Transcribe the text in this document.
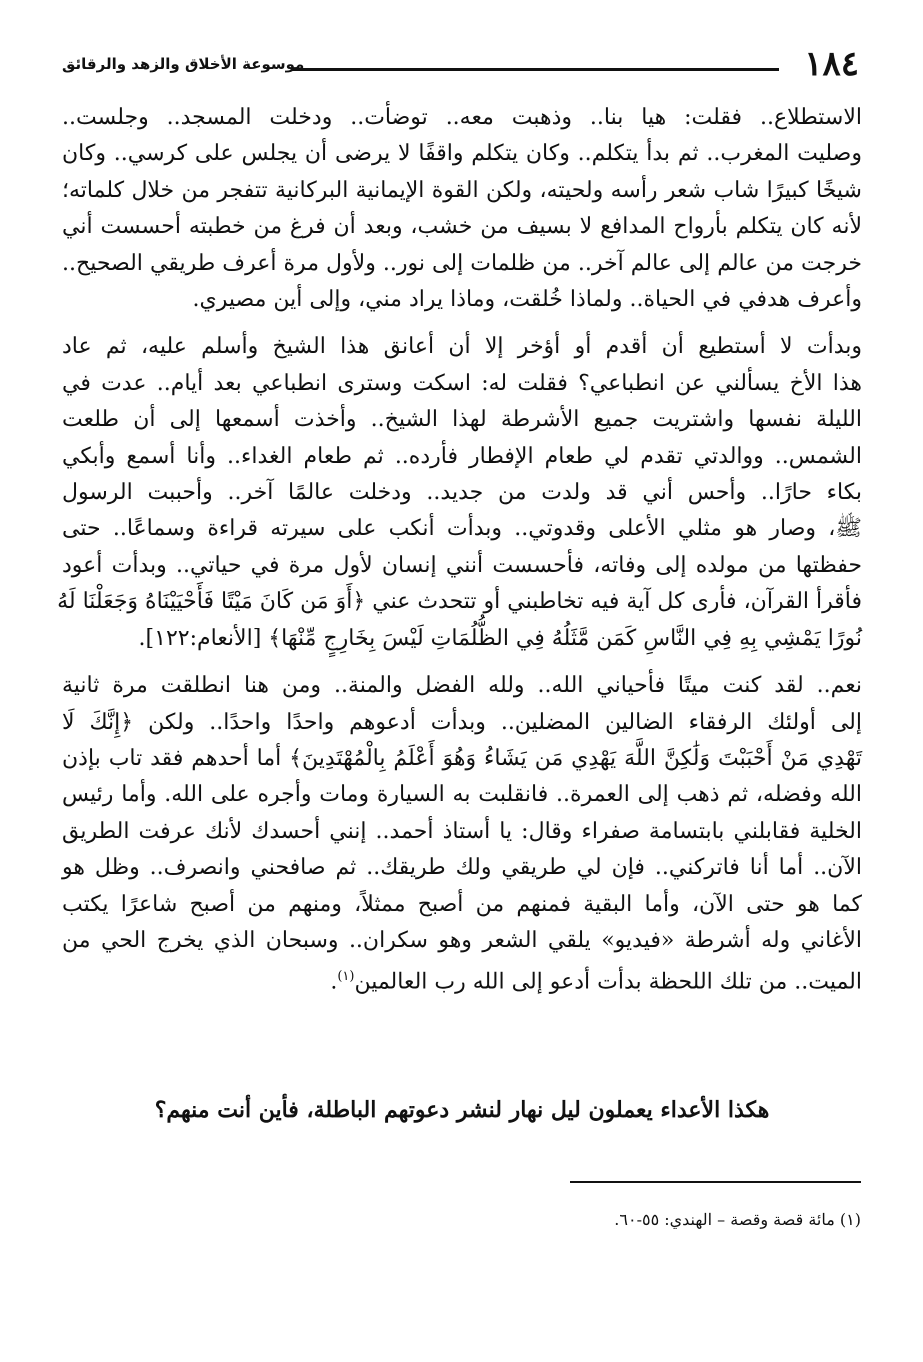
١٨٤
موسوعة الأخلاق والزهد والرقائق

الاستطلاع.. فقلت: هيا بنا.. وذهبت معه.. توضأت.. ودخلت المسجد.. وجلست..
وصليت المغرب.. ثم بدأ يتكلم.. وكان يتكلم واقفًا لا يرضى أن يجلس على كرسي.. وكان
شيخًا كبيرًا شاب شعر رأسه ولحيته، ولكن القوة الإيمانية البركانية تتفجر من خلال كلماته؛
لأنه كان يتكلم بأرواح المدافع لا بسيف من خشب، وبعد أن فرغ من خطبته أحسست أني
خرجت من عالم إلى عالم آخر.. من ظلمات إلى نور.. ولأول مرة أعرف طريقي الصحيح..
وأعرف هدفي في الحياة.. ولماذا خُلقت، وماذا يراد مني، وإلى أين مصيري.

وبدأت لا أستطيع أن أقدم أو أؤخر إلا أن أعانق هذا الشيخ وأسلم عليه، ثم عاد
هذا الأخ يسألني عن انطباعي؟ فقلت له: اسكت وسترى انطباعي بعد أيام.. عدت في
الليلة نفسها واشتريت جميع الأشرطة لهذا الشيخ.. وأخذت أسمعها إلى أن طلعت
الشمس.. ووالدتي تقدم لي طعام الإفطار فأرده.. ثم طعام الغداء.. وأنا أسمع وأبكي
بكاء حارًا.. وأحس أني قد ولدت من جديد.. ودخلت عالمًا آخر.. وأحببت الرسول
ﷺ، وصار هو مثلي الأعلى وقدوتي.. وبدأت أنكب على سيرته قراءة وسماعًا.. حتى
حفظتها من مولده إلى وفاته، فأحسست أنني إنسان لأول مرة في حياتي.. وبدأت أعود
فأقرأ القرآن، فأرى كل آية فيه تخاطبني أو تتحدث عني ﴿أَوَ مَن كَانَ مَيْتًا فَأَحْيَيْنَاهُ وَجَعَلْنَا لَهُ
نُورًا يَمْشِي بِهِ فِي النَّاسِ كَمَن مَّثَلُهُ فِي الظُّلُمَاتِ لَيْسَ بِخَارِجٍ مِّنْهَا﴾ [الأنعام:١٢٢].

نعم.. لقد كنت ميتًا فأحياني الله.. ولله الفضل والمنة.. ومن هنا انطلقت مرة ثانية
إلى أولئك الرفقاء الضالين المضلين.. وبدأت أدعوهم واحدًا واحدًا.. ولكن ﴿إِنَّكَ لَا
تَهْدِي مَنْ أَحْبَبْتَ وَلَٰكِنَّ اللَّهَ يَهْدِي مَن يَشَاءُ وَهُوَ أَعْلَمُ بِالْمُهْتَدِينَ﴾ أما أحدهم فقد تاب بإذن
الله وفضله، ثم ذهب إلى العمرة.. فانقلبت به السيارة ومات وأجره على الله. وأما رئيس
الخلية فقابلني بابتسامة صفراء وقال: يا أستاذ أحمد.. إنني أحسدك لأنك عرفت الطريق
الآن.. أما أنا فاتركني.. فإن لي طريقي ولك طريقك.. ثم صافحني وانصرف.. وظل هو
كما هو حتى الآن، وأما البقية فمنهم من أصبح ممثلاً، ومنهم من أصبح شاعرًا يكتب
الأغاني وله أشرطة «فيديو» يلقي الشعر وهو سكران.. وسبحان الذي يخرج الحي من
الميت.. من تلك اللحظة بدأت أدعو إلى الله رب العالمين$^{(١)}$.

هكذا الأعداء يعملون ليل نهار لنشر دعوتهم الباطلة، فأين أنت منهم؟
(١) مائة قصة وقصة – الهندي: ٥٥-٦٠.
